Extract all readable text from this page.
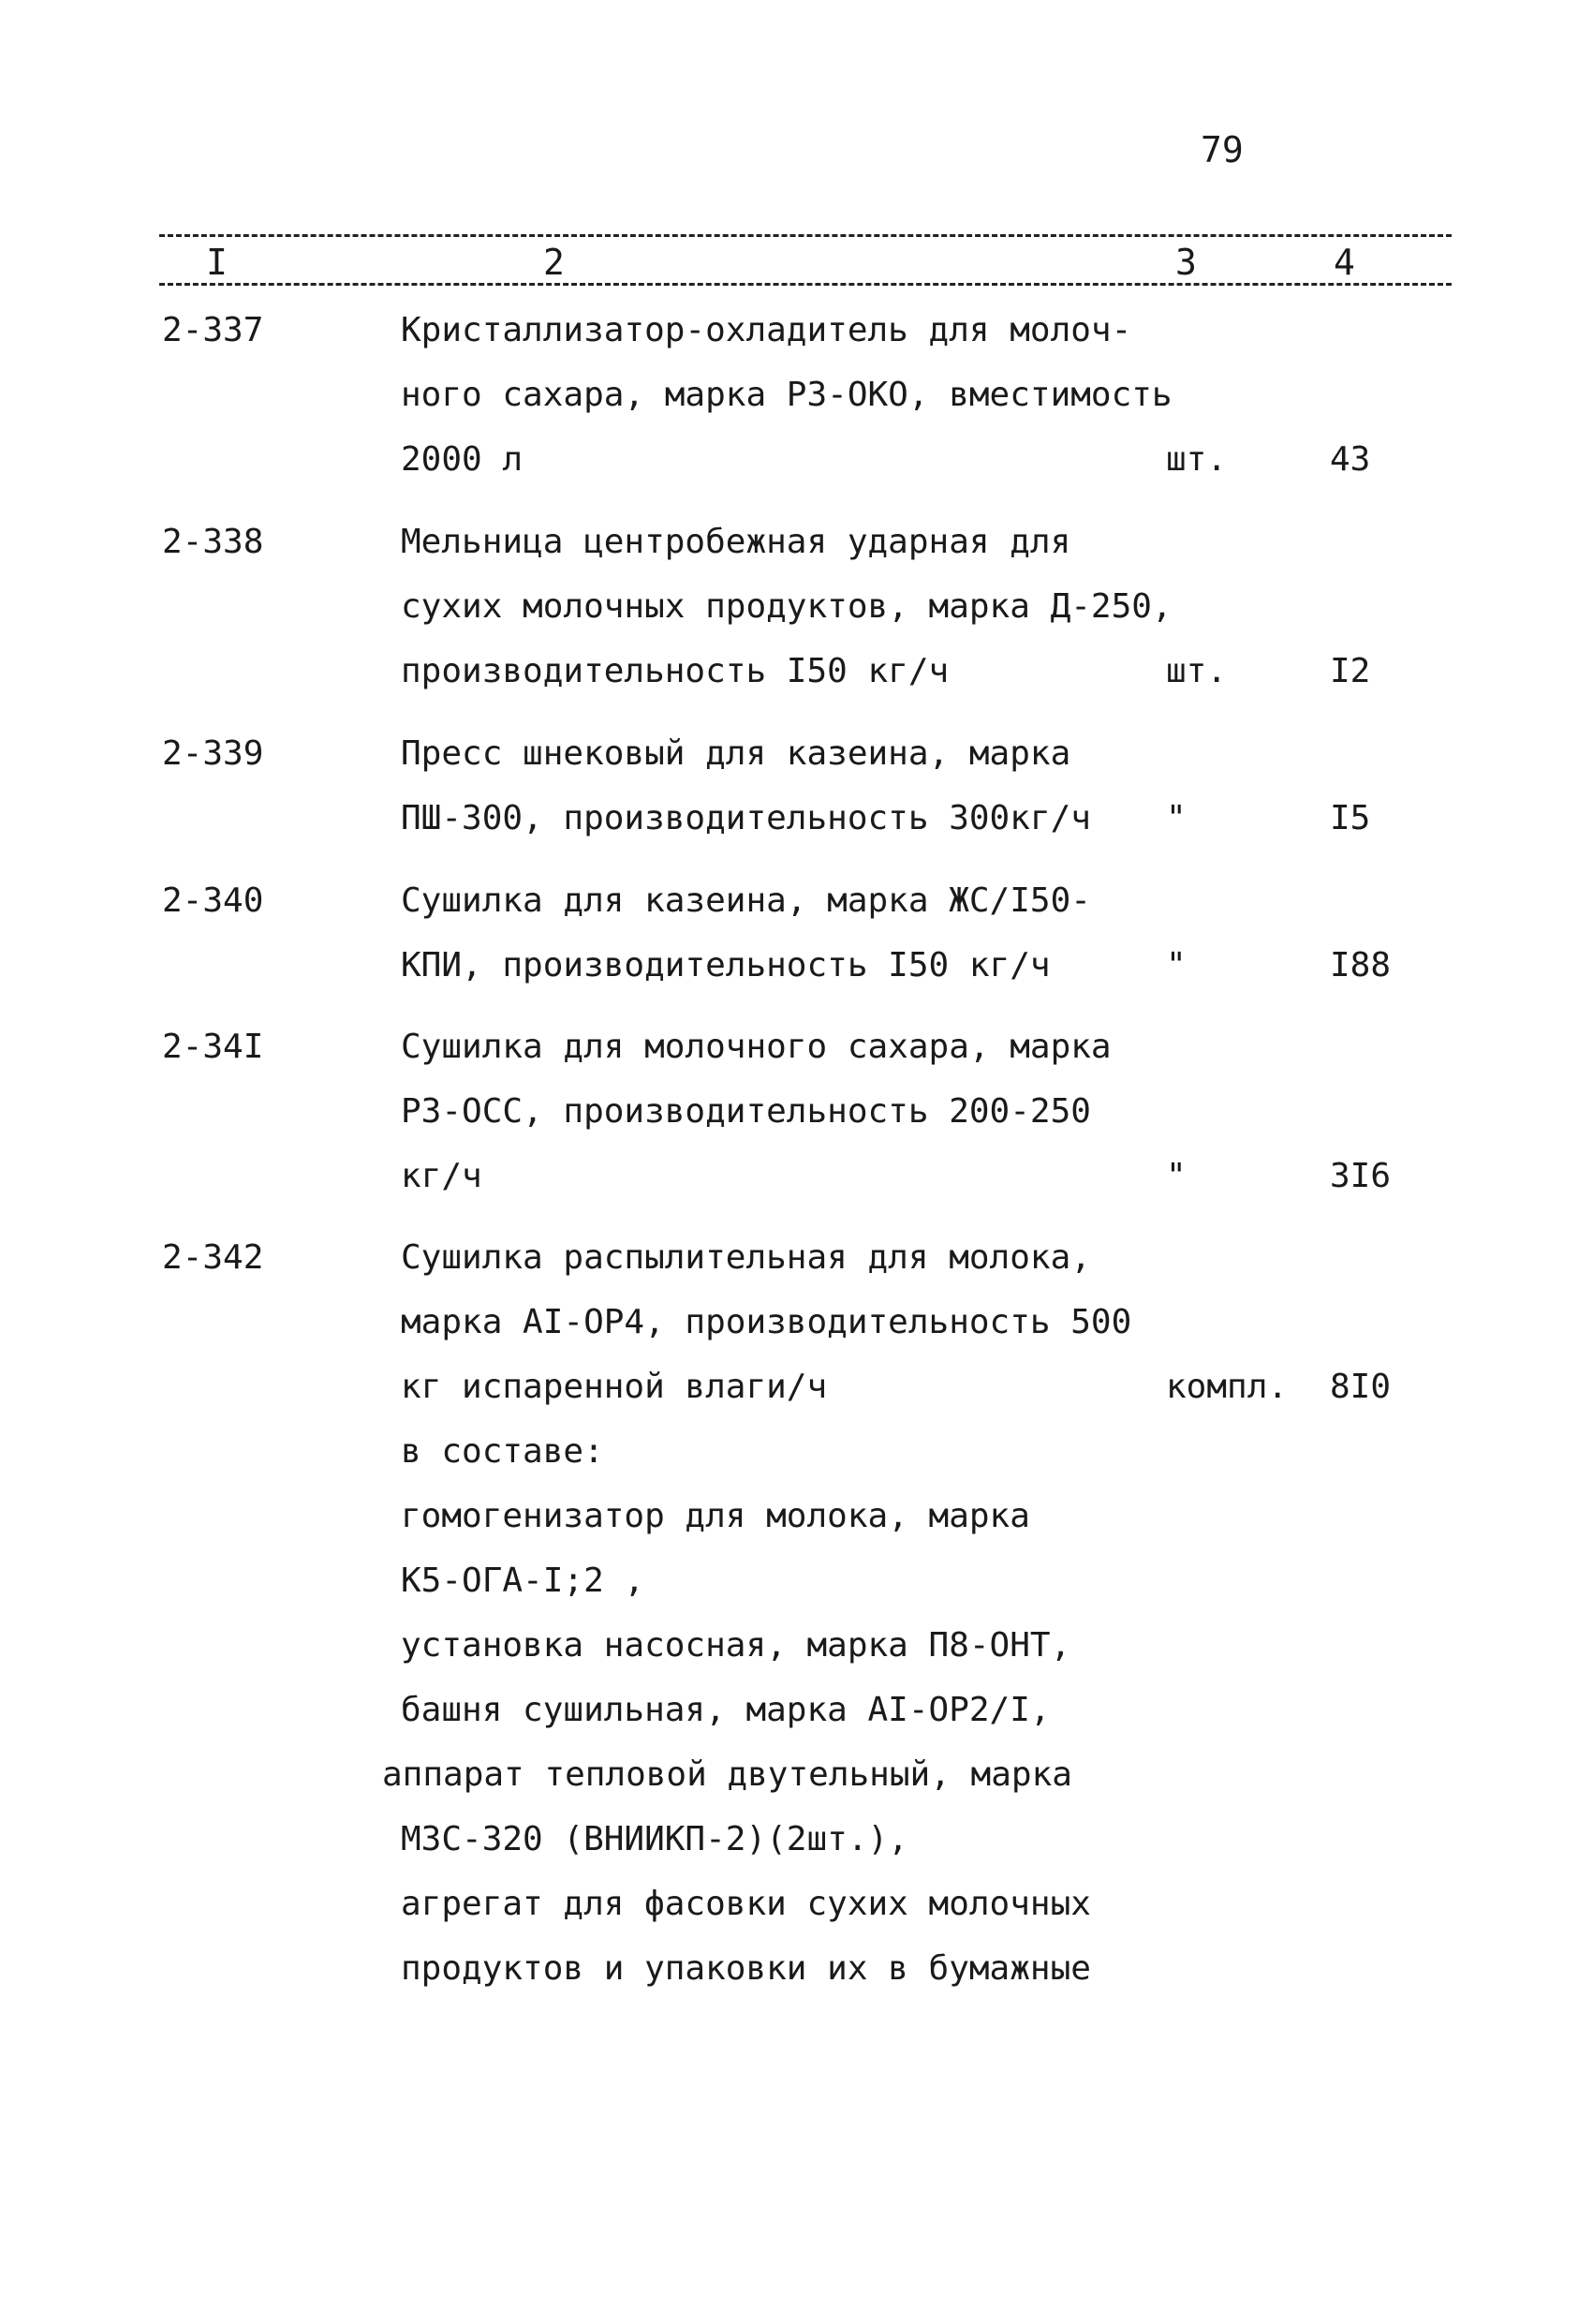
79
I	2	3	4
2-337	Кристаллизатор-охладитель для молоч-
ного сахара, марка РЗ-ОКО, вместимость
2000 л	шт.	43
2-338	Мельница центробежная ударная для
сухих молочных продуктов, марка Д-250,
производительность I50 кг/ч	шт.	I2
2-339	Пресс шнековый для казеина, марка
ПШ-300, производительность 300кг/ч	"	I5
2-340	Сушилка для казеина, марка ЖС/I50-
КПИ, производительность I50 кг/ч	"	I88
2-34I	Сушилка для молочного сахара, марка
РЗ-ОСС, производительность 200-250
кг/ч	"	3I6
2-342	Сушилка распылительная для молока,
марка AI-OP4, производительность 500
кг испаренной влаги/ч	компл. 8I0
в составе:
гомогенизатор для молока, марка
К5-ОГА-I;2 ,
установка насосная, марка П8-ОНТ,
башня сушильная, марка AI-OP2/I,
аппарат тепловой двутельный, марка
МЗС-320 (ВНИИКП-2)(2шт.),
агрегат для фасовки сухих молочных
продуктов и упаковки их в бумажные
